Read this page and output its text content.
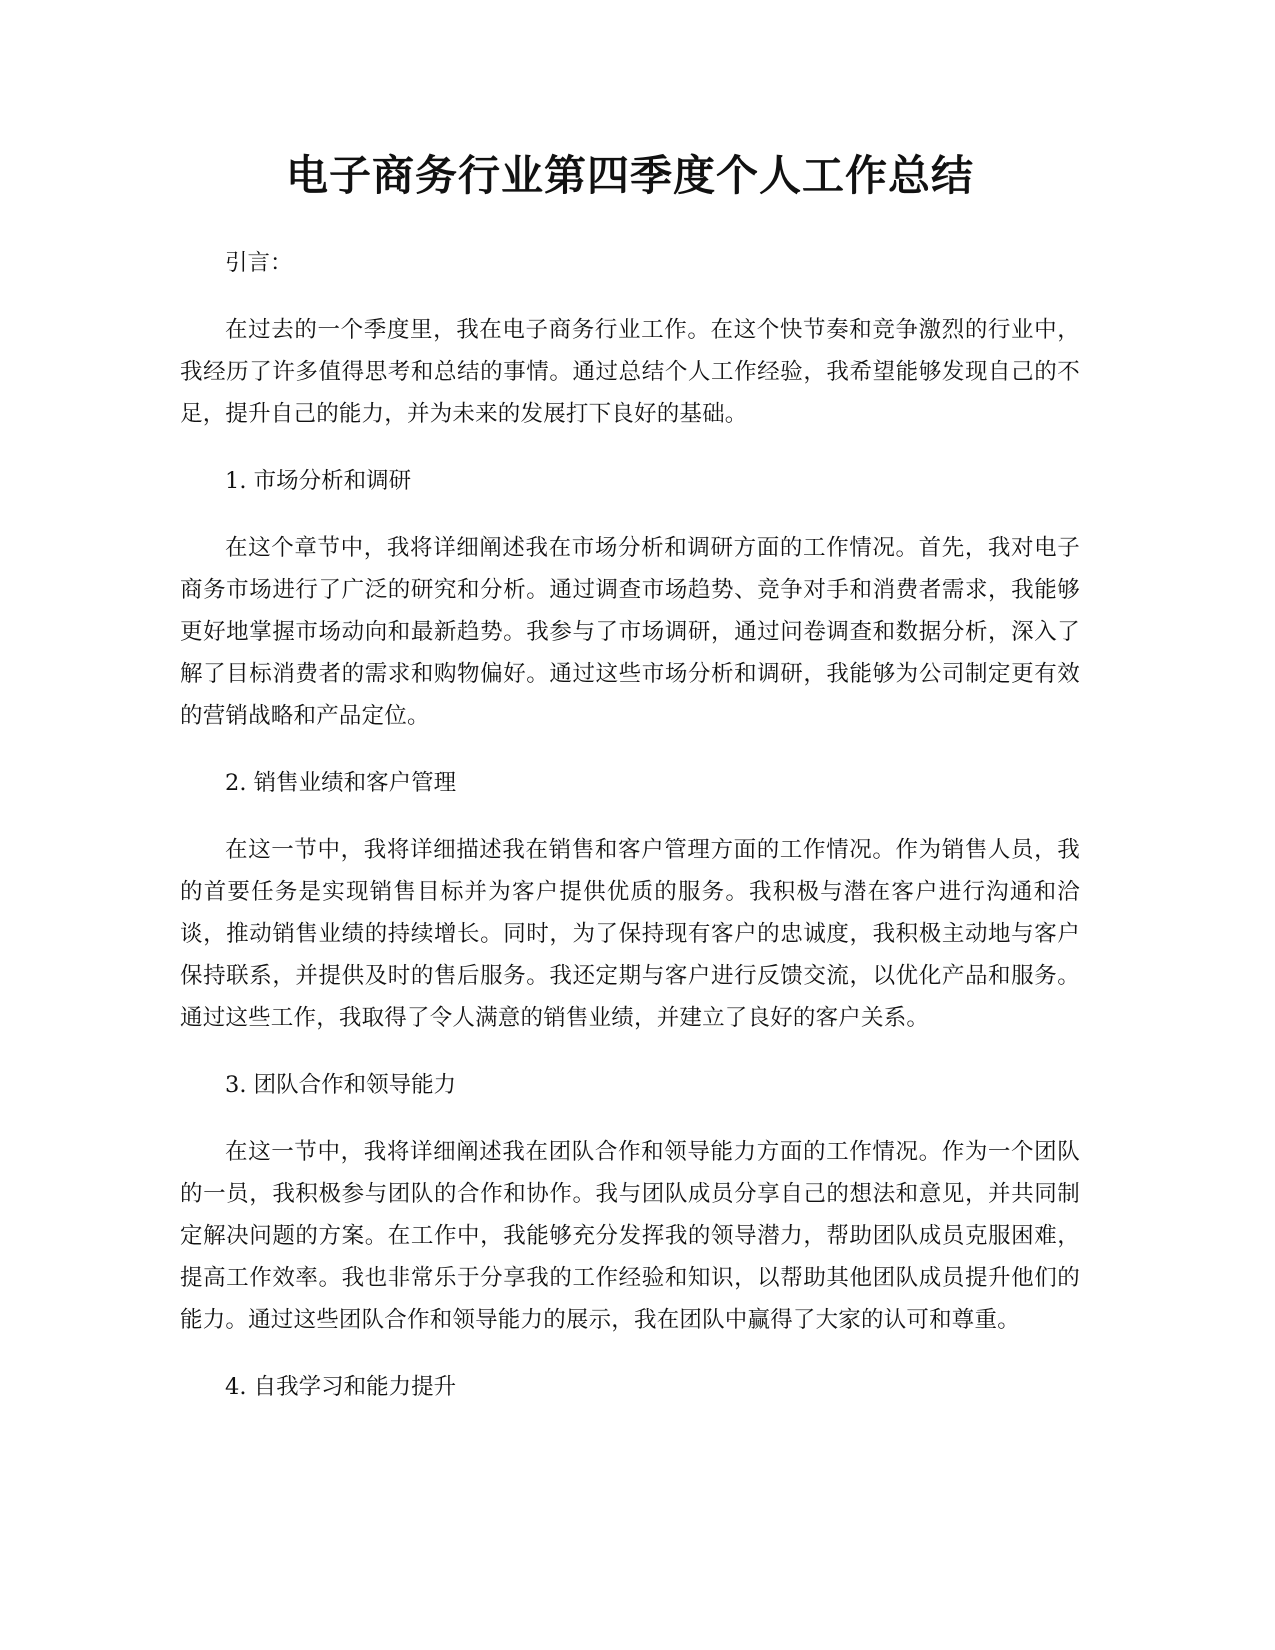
电子商务行业第四季度个人工作总结

引言：

在过去的一个季度里，我在电子商务行业工作。在这个快节奏和竞争激烈的行业中，我经历了许多值得思考和总结的事情。通过总结个人工作经验，我希望能够发现自己的不足，提升自己的能力，并为未来的发展打下良好的基础。

1. 市场分析和调研

在这个章节中，我将详细阐述我在市场分析和调研方面的工作情况。首先，我对电子商务市场进行了广泛的研究和分析。通过调查市场趋势、竞争对手和消费者需求，我能够更好地掌握市场动向和最新趋势。我参与了市场调研，通过问卷调查和数据分析，深入了解了目标消费者的需求和购物偏好。通过这些市场分析和调研，我能够为公司制定更有效的营销战略和产品定位。

2. 销售业绩和客户管理

在这一节中，我将详细描述我在销售和客户管理方面的工作情况。作为销售人员，我的首要任务是实现销售目标并为客户提供优质的服务。我积极与潜在客户进行沟通和洽谈，推动销售业绩的持续增长。同时，为了保持现有客户的忠诚度，我积极主动地与客户保持联系，并提供及时的售后服务。我还定期与客户进行反馈交流，以优化产品和服务。通过这些工作，我取得了令人满意的销售业绩，并建立了良好的客户关系。

3. 团队合作和领导能力

在这一节中，我将详细阐述我在团队合作和领导能力方面的工作情况。作为一个团队的一员，我积极参与团队的合作和协作。我与团队成员分享自己的想法和意见，并共同制定解决问题的方案。在工作中，我能够充分发挥我的领导潜力，帮助团队成员克服困难，提高工作效率。我也非常乐于分享我的工作经验和知识，以帮助其他团队成员提升他们的能力。通过这些团队合作和领导能力的展示，我在团队中赢得了大家的认可和尊重。

4. 自我学习和能力提升
